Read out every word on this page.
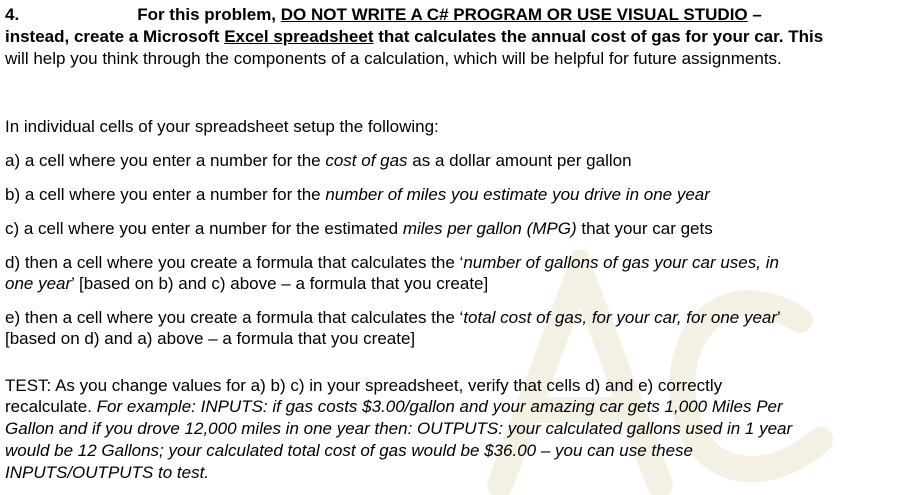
4.	For this problem, DO NOT WRITE A C# PROGRAM OR USE VISUAL STUDIO –
instead, create a Microsoft Excel spreadsheet that calculates the annual cost of gas for your car. This
will help you think through the components of a calculation, which will be helpful for future assignments.
In individual cells of your spreadsheet setup the following:
a) a cell where you enter a number for the cost of gas as a dollar amount per gallon
b) a cell where you enter a number for the number of miles you estimate you drive in one year
c) a cell where you enter a number for the estimated miles per gallon (MPG) that your car gets
d) then a cell where you create a formula that calculates the ‘number of gallons of gas your car uses, in
one year’ [based on b) and c) above – a formula that you create]
e) then a cell where you create a formula that calculates the ‘total cost of gas, for your car, for one year’
[based on d) and a) above – a formula that you create]
TEST: As you change values for a) b) c) in your spreadsheet, verify that cells d) and e) correctly
recalculate. For example: INPUTS: if gas costs $3.00/gallon and your amazing car gets 1,000 Miles Per
Gallon and if you drove 12,000 miles in one year then: OUTPUTS: your calculated gallons used in 1 year
would be 12 Gallons; your calculated total cost of gas would be $36.00 – you can use these
INPUTS/OUTPUTS to test.
